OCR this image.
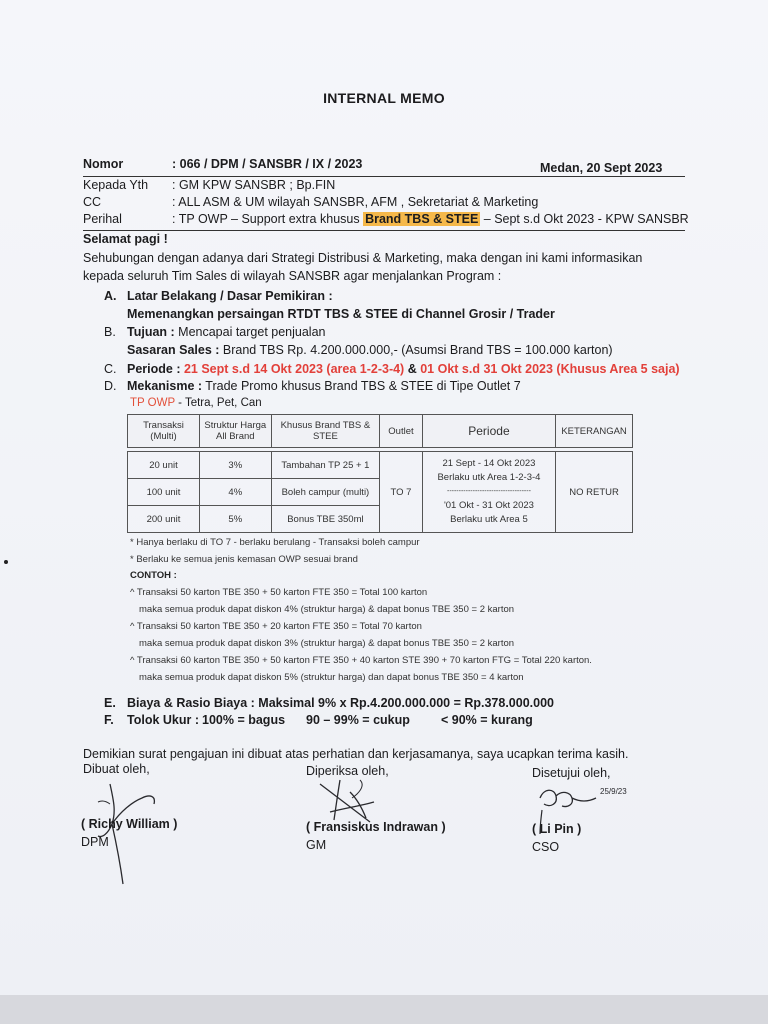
INTERNAL MEMO
Nomor	: 066 / DPM / SANSBR / IX / 2023	Medan, 20 Sept 2023
Kepada Yth : GM KPW SANSBR ; Bp.FIN
CC	: ALL ASM & UM wilayah SANSBR, AFM , Sekretariat & Marketing
Perihal	: TP OWP – Support extra khusus Brand TBS & STEE – Sept s.d Okt 2023 - KPW SANSBR
Selamat pagi !
Sehubungan dengan adanya dari Strategi Distribusi & Marketing, maka dengan ini kami informasikan
kepada seluruh Tim Sales di wilayah SANSBR agar menjalankan Program :
A. Latar Belakang / Dasar Pemikiran :
Memenangkan persaingan RTDT TBS & STEE di Channel Grosir / Trader
B. Tujuan : Mencapai target penjualan
Sasaran Sales : Brand TBS Rp. 4.200.000.000,- (Asumsi Brand TBS = 100.000 karton)
C. Periode : 21 Sept s.d 14 Okt 2023 (area 1-2-3-4) & 01 Okt s.d 31 Okt 2023 (Khusus Area 5 saja)
D. Mekanisme : Trade Promo khusus Brand TBS & STEE di Tipe Outlet 7
TP OWP - Tetra, Pet, Can
Transaksi (Multi)	Struktur Harga All Brand	Khusus Brand TBS & STEE	Outlet	Periode	KETERANGAN

20 unit	3%	Tambahan TP 25 + 1	TO 7	21 Sept - 14 Okt 2023
Berlaku utk Area 1-2-3-4
------------------------------------
'01 Okt - 31 Okt 2023
Berlaku utk Area 5	NO RETUR
100 unit	4%	Boleh campur (multi)			
200 unit	5%	Bonus TBE 350ml			
* Hanya berlaku di TO 7 - berlaku berulang - Transaksi boleh campur
* Berlaku ke semua jenis kemasan OWP sesuai brand
CONTOH :
^ Transaksi 50 karton TBE 350 + 50 karton FTE 350 = Total 100 karton
maka semua produk dapat diskon 4% (struktur harga) & dapat bonus TBE 350 = 2 karton
^ Transaksi 50 karton TBE 350 + 20 karton FTE 350 = Total 70 karton
maka semua produk dapat diskon 3% (struktur harga) & dapat bonus TBE 350 = 2 karton
^ Transaksi 60 karton TBE 350 + 50 karton FTE 350 + 40 karton STE 390 + 70 karton FTG = Total 220 karton.
maka semua produk dapat diskon 5% (struktur harga) dan dapat bonus TBE 350 = 4 karton
E. Biaya & Rasio Biaya : Maksimal 9% x Rp.4.200.000.000 = Rp.378.000.000
F. Tolok Ukur : 100% = bagus 90 – 99% = cukup < 90% = kurang
Demikian surat pengajuan ini dibuat atas perhatian dan kerjasamanya, saya ucapkan terima kasih.
Dibuat oleh,	Diperiksa oleh,	Disetujui oleh,
25/9/23
( Richy William )
DPM
( Fransiskus Indrawan )
GM
( Li Pin )
CSO
